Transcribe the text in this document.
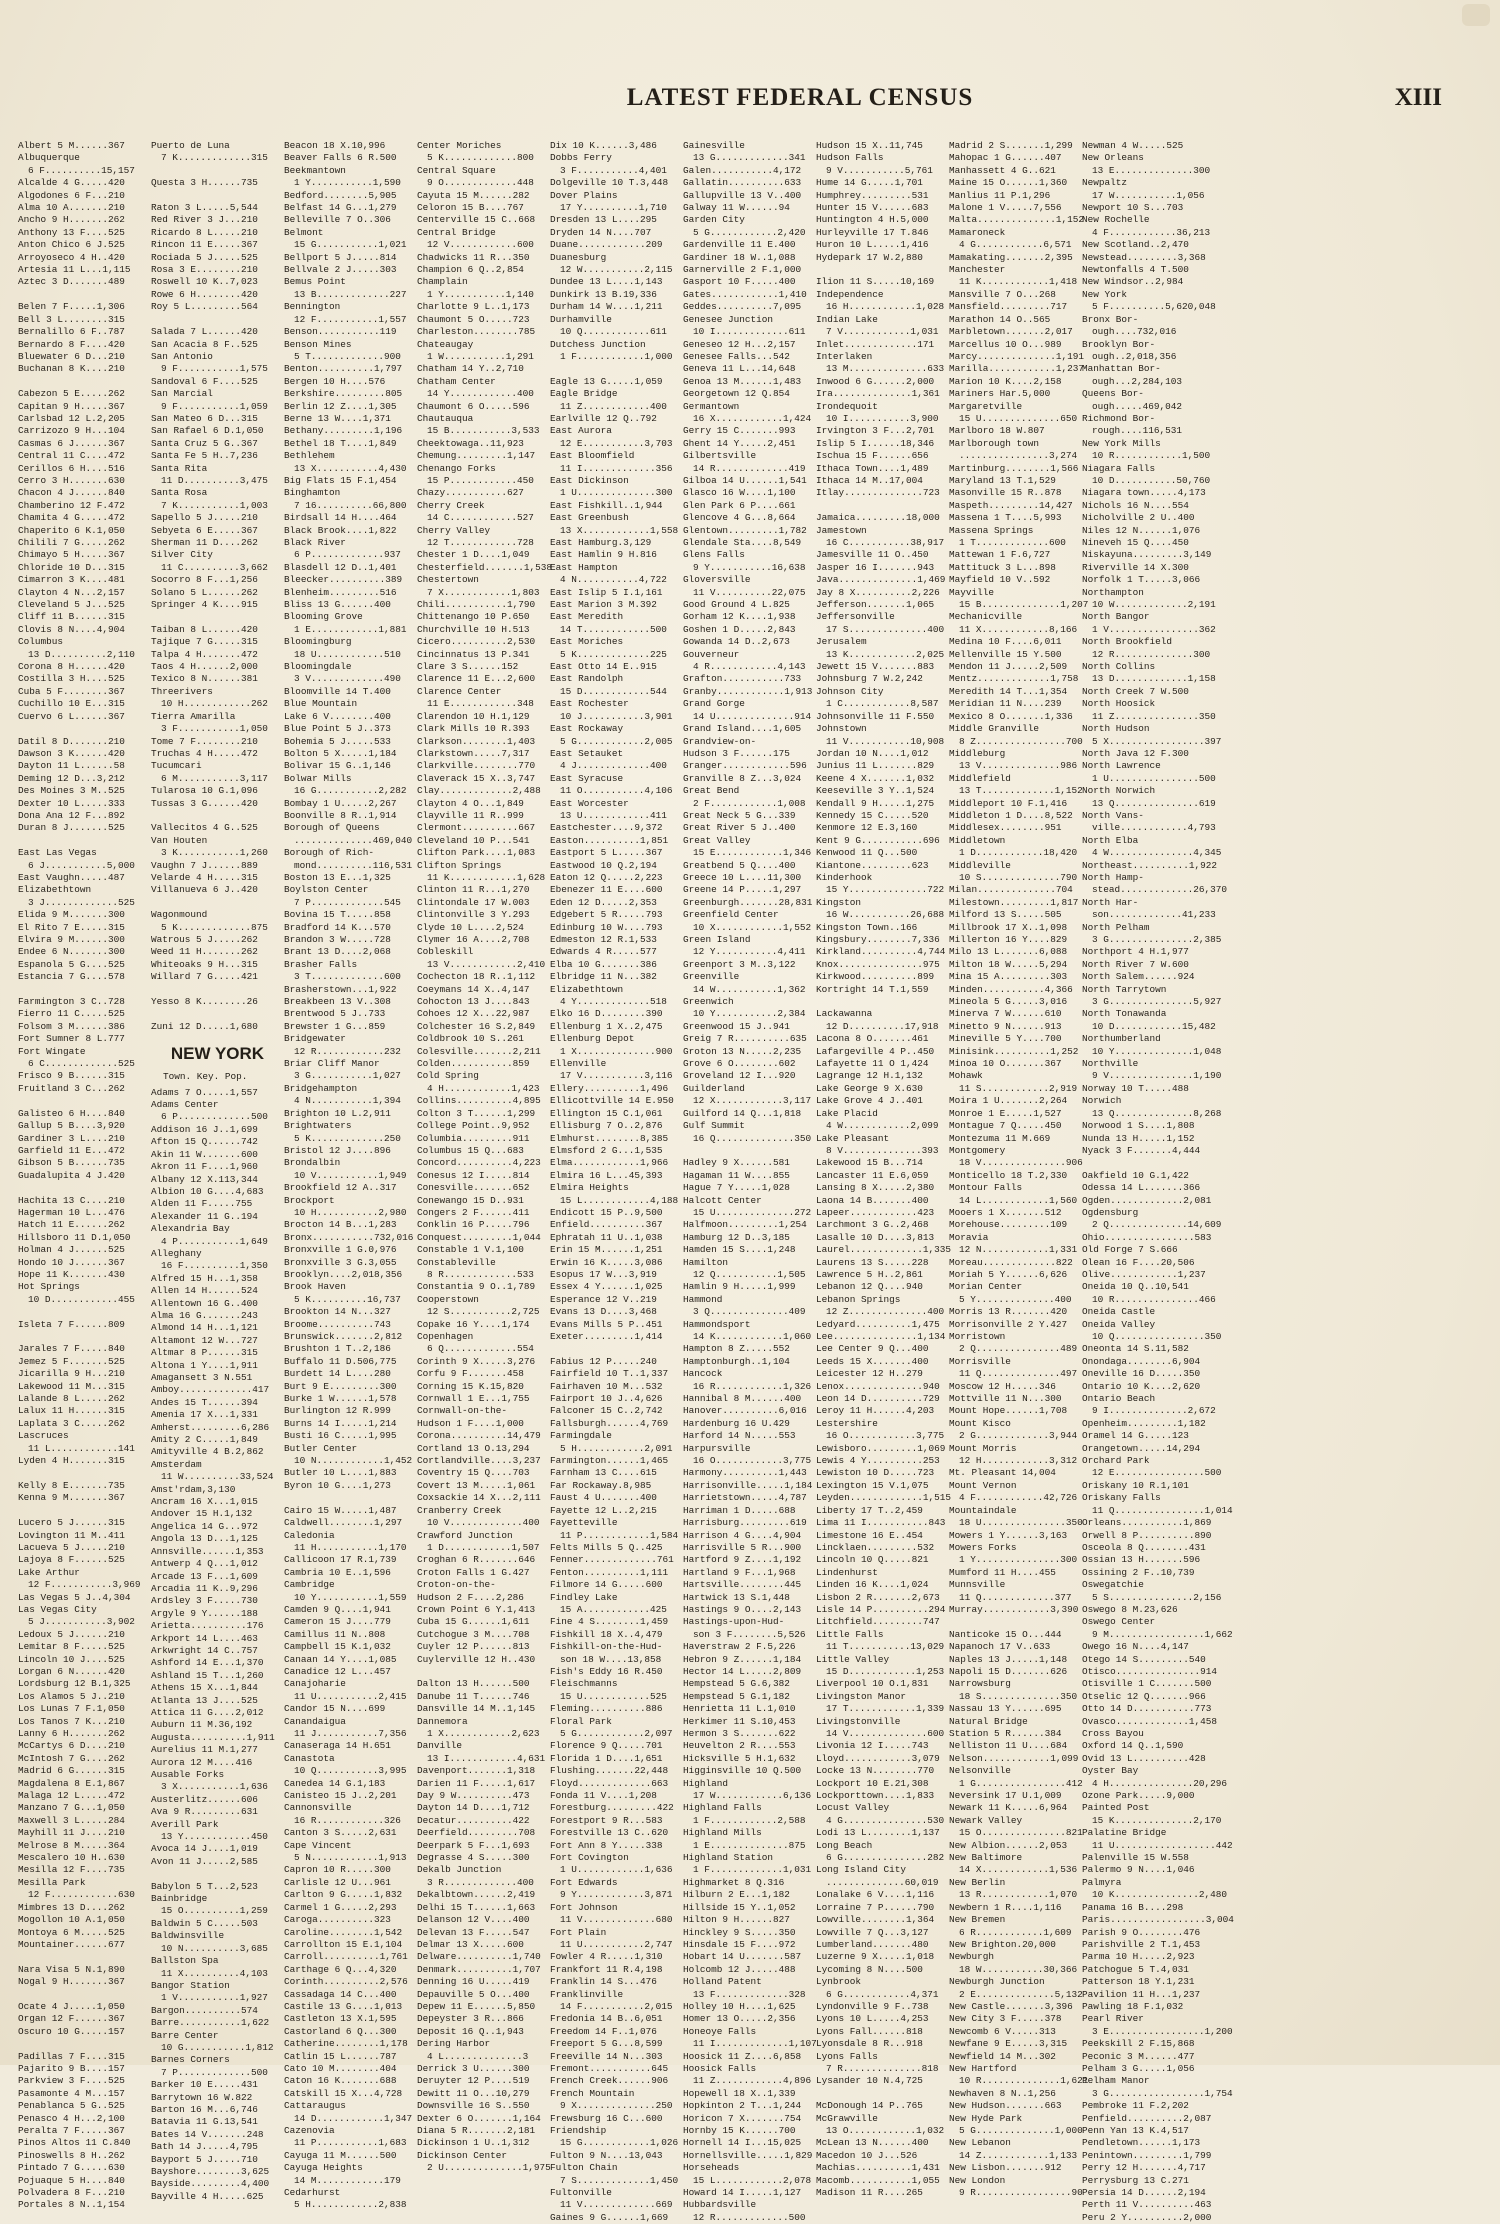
LATEST FEDERAL CENSUS	XIII
Albert 5 M......367
Albuquerque
6 F..........15,157
Alcalde 4 G.....420
Algodones 6 F...210
Alma 10 A.......210
Ancho 9 H.......262
Anthony 13 F....525
Anton Chico 6 J.525
Arroyoseco 4 H..420
Artesia 11 L...1,115
Aztec 3 D.......489

Belen 7 F.....1,306
Bell 3 L........315
Bernalillo 6 F..787
Bernardo 8 F....420
Bluewater 6 D...210
Buchanan 8 K....210

Cabezon 5 E.....262
Capitan 9 H.....367
Carlsbad 12 L.2,205
Carrizozo 9 H...104
Casmas 6 J......367
Central 11 C....472
Cerillos 6 H....516
Cerro 3 H.......630
Chacon 4 J......840
Chamberino 12 F.472
Chamita 4 G.....472
Chaperito 6 K.1,050
Chilili 7 G.....262
Chimayo 5 H.....367
Chloride 10 D...315
Cimarron 3 K....481
Clayton 4 N...2,157
Cleveland 5 J...525
Cliff 11 B......315
Clovis 8 N....4,904
Columbus
13 D..........2,110
Corona 8 H......420
Costilla 3 H....525
Cuba 5 F........367
Cuchillo 10 E...315
Cuervo 6 L......367

Datil 8 D.......210
Dawson 3 K......420
Dayton 11 L......58
Deming 12 D...3,212
Des Moines 3 M..525
Dexter 10 L.....333
Dona Ana 12 F...892
Duran 8 J.......525

East Las Vegas
6 J...........5,000
East Vaughn.....487
Elizabethtown
3 J.............525
Elida 9 M.......300
El Rito 7 E.....315
Elvira 9 M......300
Endee 6 N.......300
Espanola 5 G....525
Estancia 7 G....578

Farmington 3 C..728
Fierro 11 C.....525
Folsom 3 M......386
Fort Sumner 8 L.777
Fort Wingate
6 C.............525
Frisco 9 B......315
Fruitland 3 C...262

Galisteo 6 H....840
Gallup 5 B....3,920
Gardiner 3 L....210
Garfield 11 E...472
Gibson 5 B......735
Guadalupita 4 J.420

Hachita 13 C....210
Hagerman 10 L...476
Hatch 11 E......262
Hillsboro 11 D.1,050
Holman 4 J......525
Hondo 10 J......367
Hope 11 K.......430
Hot Springs
10 D............455

Isleta 7 F......809

Jarales 7 F.....840
Jemez 5 F.......525
Jicarilla 9 H...210
Lakewood 11 M...315
Lalande 8 L.....262
Lalux 11 H......315
Laplata 3 C.....262
Lascruces
11 L............141
Lyden 4 H.......315

Kelly 8 E.......735
Kenna 9 M.......367

Lucero 5 J......315
Lovington 11 M..411
Lacueva 5 J.....210
Lajoya 8 F......525
Lake Arthur
12 F...........3,969
Las Vegas 5 J..4,304
Las Vegas City
5 J...........3,902
Ledoux 5 J......210
Lemitar 8 F.....525
Lincoln 10 J....525
Lorgan 6 N......420
Lordsburg 12 B.1,325
Los Alamos 5 J..210
Los Lunas 7 F.1,050
Los Tanos 7 K...210
Lanny 6 H.......262
McCartys 6 D....210
McIntosh 7 G....262
Madrid 6 G......315
Magdalena 8 E.1,867
Malaga 12 L.....472
Manzano 7 G...1,050
Maxwell 3 L.....284
Mayhill 11 J....210
Melrose 8 M.....364
Mescalero 10 H..630
Mesilla 12 F....735
Mesilla Park
12 F............630
Mimbres 13 D....262
Mogollon 10 A.1,050
Montoya 6 M.....525
Mountainer......677

Nara Visa 5 N.1,890
Nogal 9 H.......367

Ocate 4 J.....1,050
Organ 12 F......367
Oscuro 10 G.....157

Padillas 7 F....315
Pajarito 9 B....157
Parkview 3 F....525
Pasamonte 4 M...157
Penablanca 5 G..525
Penasco 4 H...2,100
Peralta 7 F.....367
Pinos Altos 11 C.840
Pinoswells 8 H..262
Pintado 7 G.....630
Pojuaque 5 H....840
Polvadera 8 F...210
Portales 8 N..1,154
Puerto de Luna
7 K.............315

Questa 3 H......735

Raton 3 L.....5,544
Red River 3 J...210
Ricardo 8 L.....210
Rincon 11 E.....367
Rociada 5 J.....525
Rosa 3 E........210
Roswell 10 K..7,023
Rowe 6 H........420
Roy 5 L.........564

Salada 7 L......420
San Acacia 8 F..525
San Antonio
9 F...........1,575
Sandoval 6 F....525
San Marcial
9 F...........1,059
San Mateo 6 D...315
San Rafael 6 D.1,050
Santa Cruz 5 G..367
Santa Fe 5 H..7,236
Santa Rita
11 D..........3,475
Santa Rosa
7 K...........1,003
Sapello 5 J.....210
Sebyeta 6 E.....367
Sherman 11 D....262
Silver City
11 C..........3,662
Socorro 8 F...1,256
Solano 5 L......262
Springer 4 K....915

Taiban 8 L......420
Tajique 7 G.....315
Talpa 4 H.......472
Taos 4 H......2,000
Texico 8 N......381
Threerivers
10 H............262
Tierra Amarilla
3 F...........1,050
Tome 7 F........210
Truchas 4 H.....472
Tucumcari
6 M...........3,117
Tularosa 10 G.1,096
Tussas 3 G......420

Vallecitos 4 G..525
Van Houten
3 K...........1,260
Vaughn 7 J......889
Velarde 4 H.....315
Villanueva 6 J..420

Wagonmound
5 K.............875
Watrous 5 J.....262
Weed 11 H.......262
Whiteoaks 9 H...315
Willard 7 G.....421

Yesso 8 K........26

Zuni 12 D.....1,680
NEW YORK
Town. Key. Pop.
Adams 7 O.....1,557
Adams Center
6 P.............500
Addison 16 J..1,699
Afton 15 Q......742
Akin 11 W.......600
Akron 11 F....1,960
Albany 12 X.113,344
Albion 10 G....4,683
Alden 11 F.....755
Alexander 11 G..194
Alexandria Bay
4 P...........1,649
Alleghany
16 F..........1,350
Alfred 15 H...1,358
Allen 14 H......524
Allentown 16 G..400
Alma 16 G.......243
Almond 14 H...1,121
Altamont 12 W...727
Altmar 8 P......315
Altona 1 Y....1,911
Amagansett 3 N.551
Amboy.............417
Andes 15 T......394
Amenia 17 X...1,331
Amherst.........6,286
Amity 2 C.....1,849
Amityville 4 B.2,862
Amsterdam
11 W..........33,524
Amst'rdam,3,130
Ancram 16 X...1,015
Andover 15 H.1,132
Angelica 14 G...972
Angola 13 D...1,125
Annsville......1,353
Antwerp 4 Q...1,012
Arcade 13 F...1,609
Arcadia 11 K..9,296
Ardsley 3 F.....730
Argyle 9 Y......188
Arietta..........176
Arkport 14 L....463
Arkwright 14 C..757
Ashford 14 E...1,370
Ashland 15 T...1,260
Athens 15 X...1,844
Atlanta 13 J....525
Attica 11 G....2,012
Auburn 11 M.36,192
Augusta..........1,911
Aurelius 11 M.1,277
Aurora 12 M....416
Ausable Forks
3 X...........1,636
Austerlitz......606
Ava 9 R.........631
Averill Park
13 Y............450
Avoca 14 J....1,019
Avon 11 J.....2,585

Babylon 5 T...2,523
Bainbridge
15 O..........1,259
Baldwin 5 C.....503
Baldwinsville
10 N..........3,685
Ballston Spa
11 X..........4,103
Bangor Station
1 V...........1,927
Bargon..........574
Barre...........1,622
Barre Center
10 G...........1,812
Barnes Corners
7 P.............500
Barker 10 E.....431
Barrytown 16 W.822
Barton 16 M...6,746
Batavia 11 G.13,541
Bates 14 V.......248
Bath 14 J.....4,795
Bayport 5 J.....710
Bayshore........3,625
Bayside.........4,400
Bayville 4 H.....625
Beacon 18 X.10,996
Beaver Falls 6 R.500
Beekmantown
1 Y...........1,590
Bedford........5,905
Belfast 14 G...1,279
Belleville 7 O..306
Belmont
15 G...........1,021
Bellport 5 J.....814
Bellvale 2 J.....303
Bemus Point
13 B.............227
Bennington
12 F...........1,557
Benson...........119
Benson Mines
5 T.............900
Benton..........1,797
Bergen 10 H....576
Berkshire.........805
Berlin 12 Z....1,305
Berne 13 W....1,371
Bethany.........1,196
Bethel 18 T....1,849
Bethlehem
13 X...........4,430
Big Flats 15 F.1,454
Binghamton
7 16..........66,800
Birdsall 14 H....464
Black Brook....1,822
Black River
6 P.............937
Blasdell 12 D..1,401
Bleecker..........389
Blenheim.........516
Bliss 13 G......400
Blooming Grove
1 E............1,881
Bloomingburg
18 U............510
Bloomingdale
3 V.............490
Bloomville 14 T.400
Blue Mountain
Lake 6 V........400
Blue Point 5 J..373
Bohemia 5 J.....533
Bolton 5 X.....1,184
Bolivar 15 G..1,146
Bolwar Mills
16 G...........2,282
Bombay 1 U.....2,267
Boonville 8 R..1,914
Borough of Queens
..............469,040
Borough of Rich-
mond..........116,531
Boston 13 E...1,325
Boylston Center
7 P.............545
Bovina 15 T.....858
Bradford 14 K...570
Brandon 3 W.....728
Brant 13 D....2,068
Brasher Falls
3 T.............600
Brasherstown...1,922
Breakbeen 13 V..308
Brentwood 5 J..733
Brewster 1 G...859
Bridgewater
12 R............232
Briar Cliff Manor
3 G...........1,027
Bridgehampton
4 N...........1,394
Brighton 10 L.2,911
Brightwaters
5 K.............250
Bristol 12 J....896
Brondalbin
10 V...........1,949
Brookfield 12 A..317
Brockport
10 H...........2,980
Brocton 14 B...1,283
Bronx...........732,016
Bronxville 1 G.0,976
Bronxville 3 G.3,055
Brooklyn....2,018,356
Brook Haven
5 K..........16,737
Brookton 14 N...327
Broome..........743
Brunswick.......2,812
Brushton 1 T..2,186
Buffalo 11 D.506,775
Burdett 14 L....280
Burt 9 E.........300
Burke 1 W......1,578
Burlington 12 R.999
Burns 14 I.....1,214
Busti 16 C.....1,995
Butler Center
10 N............1,452
Butler 10 L....1,883
Byron 10 G....1,273

Cairo 15 W.....1,487
Caldwell........1,297
Caledonia
11 H...........1,170
Callicoon 17 R.1,739
Cambria 10 E..1,596
Cambridge
10 Y...........1,559
Camden 9 Q....1,941
Cameron 15 J....779
Camillus 11 N..808
Campbell 15 K.1,032
Canaan 14 Y....1,085
Canadice 12 L...457
Canajoharie
11 U...........2,415
Candor 15 N....699
Canandaigua
11 J...........7,356
Canaseraga 14 H.651
Canastota
10 Q...........3,995
Canedea 14 G.1,183
Canisteo 15 J..2,201
Cannonsville
16 R............326
Canton 3 S.....2,631
Cape Vincent
5 N............1,913
Capron 10 R.....300
Carlisle 12 U...961
Carlton 9 G.....1,832
Carmel 1 G.....2,293
Caroga..........323
Caroline........1,542
Carrollton 15 E.1,104
Carroll..........1,761
Carthage 6 Q...4,320
Corinth..........2,576
Cassadaga 14 C...400
Castile 13 G....1,013
Castleton 13 X.1,595
Castorland 6 Q...300
Catherine........1,178
Catlin 15 L......787
Cato 10 M........404
Caton 16 K.......688
Catskill 15 X...4,728
Cattaraugus
14 D............1,347
Cazenovia
11 P...........1,683
Cayuga 11 M......500
Cayuga Heights
14 M............179
Cedarhurst
5 H............2,838
Center Moriches
5 K.............800
Central Square
9 O.............448
Cayuta 15 M......282
Celoron 15 B....767
Centerville 15 C..668
Central Bridge
12 V............600
Chadwicks 11 R...350
Champion 6 Q..2,854
Champlain
1 Y...........1,140
Charlotte 9 L..1,173
Chaumont 5 O.....723
Charleston........785
Chateaugay
1 W...........1,291
Chatham 14 Y..2,710
Chatham Center
14 Y............400
Chaumont 6 O.....596
Chautauqua
15 B...........3,533
Cheektowaga..11,923
Chemung.........1,147
Chenango Forks
15 P............450
Chazy...........627
Cherry Creek
14 C............527
Cherry Valley
12 T............728
Chester 1 D....1,049
Chesterfield.......1,538
Chestertown
7 X............1,803
Chili...........1,790
Chittenango 10 P.650
Churchville 10 H.513
Cicero..........2,530
Cincinnatus 13 P.341
Clare 3 S......152
Clarence 11 E...2,600
Clarence Center
11 E............348
Clarendon 10 H.1,129
Clark Mills 10 R.393
Clarkson........1,403
Clarkstown.....7,317
Clarkville........770
Claverack 15 X..3,747
Clay.............2,488
Clayton 4 O...1,849
Clayville 11 R..999
Clermont..........667
Cleveland 10 P...541
Clifton Park....1,083
Clifton Springs
11 K............1,628
Clinton 11 R...1,270
Clintondale 17 W.003
Clintonville 3 Y.293
Clyde 10 L....2,524
Clymer 16 A....2,708
Cobleskill
13 V............2,410
Cochecton 18 R..1,112
Coeymans 14 X..4,147
Cohocton 13 J....843
Cohoes 12 X...22,987
Colchester 16 S.2,849
Coldbrook 10 S..261
Colesville.......2,211
Colden...........859
Cold Spring
4 H............1,423
Collins..........4,895
Colton 3 T......1,299
College Point..9,952
Columbia.........911
Columbus 15 Q...683
Concord..........4,223
Conesus 12 I.....814
Conesville.......652
Conewango 15 D..931
Congers 2 F......411
Conklin 16 P.....796
Conquest.........1,044
Constable 1 V.1,100
Constableville
8 R.............533
Constantia 9 O..1,789
Cooperstown
12 S...........2,725
Copake 16 Y....1,174
Copenhagen
6 Q.............554
Corinth 9 X.....3,276
Corfu 9 F.......458
Corning 15 K.15,820
Cornwall 1 E...1,755
Cornwall-on-the-
Hudson 1 F....1,000
Corona..........14,479
Cortland 13 O.13,294
Cortlandville....3,237
Coventry 15 Q....703
Covert 13 M.....1,061
Coxsackie 14 X...2,111
Cranberry Creek
10 V.............400
Crawford Junction
1 D............1,507
Croghan 6 R.......646
Croton Falls 1 G.427
Croton-on-the-
Hudson 2 F....2,286
Crown Point 6 Y.1,413
Cuba 15 G......1,611
Cutchogue 3 M....708
Cuyler 12 P......813
Cuylerville 12 H..430

Dalton 13 H......500
Danube 11 T......746
Dansville 14 M..1,145
Dannemora
1 X............2,623
Danville
13 I............4,631
Davenport.......1,318
Darien 11 F.....1,617
Day 9 W..........473
Dayton 14 D....1,712
Decatur..........422
Deerfield.........708
Deerpark 5 F...1,693
Degrasse 4 S.....300
Dekalb Junction
3 R.............400
Dekalbtown......2,419
Delhi 15 T......1,663
Delanson 12 V....400
Delevan 13 F.....547
Delmar 13 X.....600
Delware..........1,740
Denmark..........1,707
Denning 16 U.....419
Depauville 5 O...400
Depew 11 E......5,850
Depeyster 3 R...866
Deposit 16 Q..1,943
Dering Harbor
4 L..............3
Derrick 3 U......300
Deruyter 12 P....519
Dewitt 11 O...10,279
Downsville 16 S..550
Dexter 6 O.......1,164
Diana 5 R.......2,181
Dickinson 1 U..1,312
Dickinson Center
2 U..............1,975
Dix 10 K......3,486
Dobbs Ferry
3 F...........4,401
Dolgeville 10 T.3,448
Dover Plains
17 Y..........1,710
Dresden 13 L....295
Dryden 14 N....707
Duane............209
Duanesburg
12 W...........2,115
Dundee 13 L....1,143
Dunkirk 13 B.19,336
Durham 14 W....1,211
Durhamville
10 Q............611
Dutchess Junction
1 F............1,000

Eagle 13 G.....1,059
Eagle Bridge
11 Z............400
Earlville 12 Q..792
East Aurora
12 E...........3,703
East Bloomfield
11 I.............356
East Dickinson
1 U..............300
East Fishkill..1,944
East Greenbush
13 X............1,558
East Hamburg.3,129
East Hamlin 9 H.816
East Hampton
4 N...........4,722
East Islip 5 I.1,161
East Marion 3 M.392
East Meredith
14 T............500
East Moriches
5 K.............225
East Otto 14 E..915
East Randolph
15 D............544
East Rochester
10 J...........3,901
East Rockaway
5 G............2,005
East Setauket
4 J.............400
East Syracuse
11 O...........4,106
East Worcester
13 U............411
Eastchester....9,372
Easton..........1,851
Eastport 5 L.....367
Eastwood 10 Q.2,194
Eaton 12 Q.....2,223
Ebenezer 11 E....600
Eden 12 D.....2,353
Edgebert 5 R.....793
Edinburg 10 W....793
Edmeston 12 R.1,533
Edwards 4 R.....577
Elba 10 G.......386
Elbridge 11 N...382
Elizabethtown
4 Y.............518
Elko 16 D........390
Ellenburg 1 X..2,475
Ellenburg Depot
1 X..............900
Ellenville
17 V...........3,116
Ellery..........1,496
Ellicottville 14 E.950
Ellington 15 C.1,061
Ellisburg 7 O..2,876
Elmhurst........8,385
Elmsford 2 G...1,535
Elma............1,966
Elmira 16 L...45,393
Elmira Heights
15 L............4,188
Endicott 15 P..9,500
Enfield..........367
Ephratah 11 U..1,038
Erin 15 M......1,251
Erwin 16 K.....3,086
Esopus 17 W...3,919
Essex 4 Y......1,025
Esperance 12 V..219
Evans 13 D....3,468
Evans Mills 5 P..451
Exeter.........1,414

Fabius 12 P.....240
Fairfield 10 T..1,337
Fairhaven 10 M...532
Fairport 10 J..4,626
Falconer 15 C..2,742
Fallsburgh......4,769
Farmingdale
5 H............2,091
Farmington......1,465
Farnham 13 C....615
Far Rockaway.8,985
Faust 4 U.......400
Fayette 12 L..2,215
Fayetteville
11 P............1,584
Felts Mills 5 Q..425
Fenner.............761
Fenton..........1,111
Filmore 14 G.....600
Findley Lake
15 A............425
Fine 4 S........1,459
Fishkill 18 X..4,479
Fishkill-on-the-Hud-
son 18 W....13,858
Fish's Eddy 16 R.450
Fleischmanns
15 U............525
Fleming..........886
Floral Park
5 G............2,097
Florence 9 Q.....701
Florida 1 D....1,651
Flushing.......22,448
Floyd.............663
Fonda 11 V....1,208
Forestburg.........422
Forestport 9 R...583
Forestville 13 C..620
Fort Ann 8 Y.....338
Fort Covington
1 U............1,636
Fort Edwards
9 Y............3,871
Fort Johnson
11 V.............680
Fort Plain
11 U...........2,747
Fowler 4 R.....1,310
Frankfort 11 R.4,198
Franklin 14 S...476
Franklinville
14 F...........2,015
Fredonia 14 B..6,051
Freedom 14 F..1,076
Freeport 5 G...8,599
Freeville 14 N...303
Fremont...........645
French Creek......906
French Mountain
9 X..............250
Frewsburg 16 C...600
Friendship
15 G............1,026
Fulton 9 N....13,043
Fulton Chain
7 S.............1,450
Fultonville
11 V.............669
Gaines 9 G......1,669
Gainesville
13 G.............341
Galen...........4,172
Gallatin..........633
Gallupville 13 V..400
Galway 11 W......94
Garden City
5 G............2,420
Gardenville 11 E.400
Gardiner 18 W..1,088
Garnerville 2 F.1,000
Gasport 10 F.....400
Gates............1,410
Geddes..........7,095
Genesee Junction
10 I.............611
Geneseo 12 H...2,157
Genesee Falls...542
Geneva 11 L...14,648
Genoa 13 M......1,483
Georgetown 12 Q.854
Germantown
16 X............1,424
Gerry 15 C.......993
Ghent 14 Y.....2,451
Gilbertsville
14 R.............419
Gilboa 14 U......1,541
Glasco 16 W....1,100
Glen Park 6 P....661
Glencove 4 G...8,664
Glentown.........1,782
Glendale Sta....8,549
Glens Falls
9 Y...........16,638
Gloversville
11 V..........22,075
Good Ground 4 L.825
Gorham 12 K....1,938
Goshen 1 D.....2,843
Gowanda 14 D..2,673
Gouverneur
4 R............4,143
Grafton...........733
Granby............1,913
Grand Gorge
14 U..............914
Grand Island....1,605
Grandview-on-
Hudson 3 F......175
Granger............596
Granville 8 Z...3,024
Great Bend
2 F............1,008
Great Neck 5 G...339
Great River 5 J..400
Great Valley
15 E............1,346
Greatbend 5 Q....400
Greece 10 L....11,300
Greene 14 P.....1,297
Greenburgh.......28,831
Greenfield Center
10 X............1,552
Green Island
12 Y...........4,411
Greenport 3 M..3,122
Greenville
14 W...........1,362
Greenwich
10 Y...........2,384
Greenwood 15 J..941
Greig 7 R..........635
Groton 13 N.....2,235
Grove 6 O........602
Groveland 12 I...920
Guilderland
12 X............3,117
Guilford 14 Q...1,818
Gulf Summit
16 Q..............350

Hadley 9 X......581
Hagaman 11 W....855
Hague 7 Y.....1,028
Halcott Center
15 U..............272
Halfmoon.........1,254
Hamburg 12 D..3,185
Hamden 15 S....1,248
Hamilton
12 Q...........1,505
Hamlin 9 H.....1,999
Hammond
3 Q..............409
Hammondsport
14 K............1,060
Hampton 8 Z.....552
Hamptonburgh..1,104
Hancock
16 R............1,326
Hannibal 8 M......400
Hanover..........6,016
Hardenburg 16 U.429
Harford 14 N.....553
Harpursville
16 O............3,775
Harmony..........1,443
Harrisonville.....1,184
Harrietstown.....4,787
Harriman 1 D.....688
Harrisburg.........619
Harrison 4 G....4,904
Harrisville 5 R...900
Hartford 9 Z....1,192
Hartland 9 F...1,968
Hartsville........445
Hartwick 13 S.1,448
Hastings 9 O....2,143
Hastings-upon-Hud-
son 3 F........5,526
Haverstraw 2 F.5,226
Hebron 9 Z......1,184
Hector 14 L.....2,809
Hempstead 5 G.6,382
Hempstead 5 G.1,182
Henrietta 11 L.1,010
Herkimer 11 S.10,453
Hermon 3 S.......622
Heuvelton 2 R....553
Hicksville 5 H.1,632
Higginsville 10 Q.500
Highland
17 W............6,136
Highland Falls
1 F............2,588
Highland Mills
1 E..............875
Highland Station
1 F.............1,031
Highmarket 8 Q.316
Hilburn 2 E...1,182
Hillside 15 Y..1,052
Hilton 9 H......827
Hinckley 9 S.....350
Hinsdale 15 F....972
Hobart 14 U.......587
Holcomb 12 J.....488
Holland Patent
13 F.............328
Holley 10 H....1,625
Homer 13 O.....2,356
Honeoye Falls
11 I.............1,107
Hoosick 11 Z....6,858
Hoosick Falls
11 Z............4,896
Hopewell 18 X..1,339
Hopkinton 2 T...1,244
Horicon 7 X.......754
Hornby 15 K......700
Hornell 14 I...15,025
Hornellsville.....1,829
Horseheads
15 L............2,078
Howard 14 I.....1,127
Hubbardsville
12 R.............500
Hudson 15 X..11,745
Hudson Falls
9 V...........5,761
Hume 14 G.....1,701
Humphrey.........531
Hunter 15 V......683
Huntington 4 H.5,000
Hurleyville 17 T.846
Huron 10 L.....1,416
Hydepark 17 W.2,880

Ilion 11 S.....10,169
Independence
16 H............1,028
Indian Lake
7 V............1,031
Inlet.............171
Interlaken
13 M..............633
Inwood 6 G......2,000
Ira..............1,361
Irondequoit
10 I...........3,900
Irvington 3 F...2,701
Islip 5 I......18,346
Ischua 15 F......656
Ithaca Town....1,489
Ithaca 14 M..17,004
Itlay..............723

Jamaica.........18,000
Jamestown
16 C...........38,917
Jamesville 11 O..450
Jasper 16 I.......943
Java..............1,469
Jay 8 X..........2,226
Jefferson.......1,065
Jeffersonville
17 S..............400
Jerusalem
13 K............2,025
Jewett 15 V.......883
Johnsburg 7 W.2,242
Johnson City
1 C............8,587
Johnsonville 11 F.550
Johnstown
11 V...........10,908
Jordan 10 N....1,012
Junius 11 L.......829
Keene 4 X.......1,032
Keeseville 3 Y..1,524
Kendall 9 H.....1,275
Kennedy 15 C.....520
Kenmore 12 E.3,160
Kent 9 G...........696
Kenwood 11 Q...500
Kiantone.........623
Kinderhook
15 Y..............722
Kingston
16 W...........26,688
Kingston Town..166
Kingsbury........7,336
Kirkland..........4,744
Knox...............975
Kirkwood..........899
Kortright 14 T.1,559

Lackawanna
12 D..........17,918
Lacona 8 O.......461
Lafargeville 4 P..450
Lafayette 11 O 1,424
Lagrange 12 H.1,132
Lake George 9 X.630
Lake Grove 4 J..401
Lake Placid
4 W............2,099
Lake Pleasant
8 V..............393
Lakewood 15 B...714
Lancaster 11 E.6,059
Lansing 8 X.....2,380
Laona 14 B.......400
Lapeer............423
Larchmont 3 G..2,468
Lasalle 10 D....3,813
Laurel.............1,335
Laurens 13 S.....228
Lawrence 5 H..2,861
Lebanon 12 Q....940
Lebanon Springs
12 Z..............400
Ledyard..........1,475
Lee...............1,134
Lee Center 9 Q...400
Leeds 15 X.......400
Leicester 12 H..279
Lenox..............940
Leon 14 D..........729
Leroy 11 H......4,203
Lestershire
16 O............3,775
Lewisboro.........1,069
Lewis 4 Y..........253
Lewiston 10 D.....723
Lexington 15 V.1,075
Leyden.............1,515
Liberty 17 T..2,459
Lima 11 I...........843
Limestone 16 E..454
Lincklaen.........532
Lincoln 10 Q.....821
Lindenhurst
Linden 16 K....1,024
Lisbon 2 R.......2,673
Lisle 14 P..........294
Litchfield.........747
Little Falls
11 T...........13,029
Little Valley
15 D............1,253
Liverpool 10 O.1,831
Livingston Manor
17 T............1,339
Livingstonville
14 V..............600
Livonia 12 I.....743
Lloyd............3,079
Locke 13 N........770
Lockport 10 E.21,308
Lockporttown....1,833
Locust Valley
4 G...............530
Lodi 13 L........1,137
Long Beach
6 G...............282
Long Island City
..............60,019
Lonalake 6 V....1,116
Lorraine 7 P......790
Lowville........1,364
Lowville 7 Q...3,127
Lumberland.......480
Luzerne 9 X.....1,018
Lycoming 8 N....500
Lynbrook
6 G............4,371
Lyndonville 9 F..738
Lyons 10 L.....4,253
Lyons Fall......818
Lyonsdale 8 R...918
Lyons Falls
7 R..............818
Lysander 10 N.4,725

McDonough 14 P..765
McGrawville
13 O............1,032
McLean 13 N......400
Macedon 10 J...526
Machias..........1,431
Macomb...........1,055
Madison 11 R....265
Madrid 2 S.......1,299
Mahopac 1 G......407
Manhassett 4 G..621
Maine 15 O......1,360
Manlius 11 P.1,296
Malone 1 V.....7,556
Malta..............1,152
Mamaroneck
4 G............6,571
Mamakating.......2,395
Manchester
11 K............1,418
Mansville 7 O...268
Mansfield.........717
Marathon 14 O..565
Marbletown.......2,017
Marcellus 10 O...989
Marcy..............1,191
Marilla............1,237
Marion 10 K....2,158
Mariners Har.5,000
Margaretville
15 U..............650
Marlboro 18 W.807
Marlborough town
................3,274
Martinburg........1,566
Maryland 13 T.1,529
Masonville 15 R..878
Maspeth.........14,427
Massena 1 T....5,993
Massena Springs
1 T.............600
Mattewan 1 F.6,727
Mattituck 3 L...898
Mayfield 10 V..592
Mayville
15 B..............1,207
Mechanicville
11 X............8,166
Medina 10 F....6,011
Mellenville 15 Y.500
Mendon 11 J.....2,509
Mentz.............1,758
Meredith 14 T...1,354
Meridian 11 N....239
Mexico 8 O.......1,336
Middle Granville
8 Z................700
Middleburg
13 V..............986
Middlefield
13 T.............1,152
Middleport 10 F.1,416
Middleton 1 D....8,522
Middlesex........951
Middletown
1 D............18,420
Middleville
10 S..............790
Milan..............704
Milestown.........1,817
Milford 13 S.....505
Millbrook 17 X..1,098
Millerton 16 Y....829
Milo 13 L.......6,088
Milton 18 W.....5,294
Mina 15 A.........303
Minden...........4,366
Mineola 5 G.....3,016
Minerva 7 W......610
Minetto 9 N......913
Mineville 5 Y....700
Minisink..........1,252
Minoa 10 O.......367
Mohawk
11 S............2,919
Moira 1 U.......2,264
Monroe 1 E.....1,527
Montague 7 Q.....450
Montezuma 11 M.669
Montgomery
18 V...............906
Monticello 18 T.2,330
Montour Falls
14 L............1,560
Mooers 1 X.......512
Morehouse.........109
Moravia
12 N............1,331
Moreau.............822
Moriah 5 Y......6,626
Morian Center
5 Y..............400
Morris 13 R.......420
Morrisonville 2 Y.427
Morristown
2 Q...............489
Morrisville
11 Q..............497
Moscow 12 H.....346
Mottville 11 N...300
Mount Hope......1,708
Mount Kisco
2 G.............3,944
Mount Morris
12 H............3,312
Mt. Pleasant 14,004
Mount Vernon
4 F............42,726
Mountaindale
18 U...............350
Mowers 1 Y......3,163
Mowers Forks
1 Y...............300
Mumford 11 H....455
Munnsville
11 Q.............377
Murray............3,390

Nanticoke 15 O...444
Napanoch 17 V..633
Naples 13 J.....1,148
Napoli 15 D.......626
Narrowsburg
18 S..............350
Nassau 13 Y......695
Natural Bridge
Station 5 R......384
Nelliston 11 U....684
Nelson............1,099
Nelsonville
1 G................412
Neversink 17 U.1,009
Newark 11 K.....6,964
Newark Valley
15 O...............821
New Albion......2,053
New Baltimore
14 X............1,536
New Berlin
13 R............1,070
Newbern 1 R....1,116
New Bremen
6 R............1,609
New Brighton.20,000
Newburgh
18 W...........30,366
Newburgh Junction
2 E..............5,132
New Castle.......3,396
New City 3 F.....378
Newcomb 6 V.....313
Newfane 9 E.....3,315
Newfield 14 M...302
New Hartford
10 R..............1,621
Newhaven 8 N..1,256
New Hudson.......663
New Hyde Park
5 G..............1,000
New Lebanon
14 Z............1,133
New Lisbon.......912
New London
9 R.................90
Newman 4 W.....525
New Orleans
13 E..............300
Newpaltz
17 W...........1,056
Newport 10 S...703
New Rochelle
4 F............36,213
New Scotland..2,470
Newstead.........3,368
Newtonfalls 4 T.500
New Windsor..2,984
New York
5 F..........5,620,048
Bronx Bor-
ough....732,016
Brooklyn Bor-
ough..2,018,356
Manhattan Bor-
ough...2,284,103
Queens Bor-
ough.....469,042
Richmond Bor-
rough....116,531
New York Mills
10 R............1,500
Niagara Falls
10 D...........50,760
Niagara town.....4,173
Nichols 16 N....554
Nicholville 2 U..400
Niles 12 N......1,076
Nineveh 15 Q....450
Niskayuna.........3,149
Riverville 14 X.300
Norfolk 1 T.....3,066
Northampton
10 W.............2,191
North Bangor
1 V................362
North Brookfield
12 R..............300
North Collins
13 D.............1,158
North Creek 7 W.500
North Hoosick
11 Z...............350
North Hudson
5 X.................397
North Java 12 F.300
North Lawrence
1 U................500
North Norwich
13 Q...............619
North Vans-
ville............4,793
North Elba
4 W...............4,345
Northeast..........1,922
North Hamp-
stead.............26,370
North Har-
son.............41,233
North Pelham
3 G...............2,385
Northport 4 H.1,977
North River 7 W.600
North Salem......924
North Tarrytown
3 G...............5,927
North Tonawanda
10 D............15,482
Northumberland
10 Y..............1,048
Northville
9 V...............1,190
Norway 10 T.....488
Norwich
13 Q..............8,268
Norwood 1 S....1,808
Nunda 13 H.....1,152
Nyack 3 F.......4,444

Oakfield 10 G.1,422
Odessa 14 L.......366
Ogden.............2,081
Ogdensburg
2 Q..............14,609
Ohio................583
Old Forge 7 S.666
Olean 16 F....20,506
Olive............1,237
Oneida 10 Q..10,541
10 R...............466
Oneida Castle
Oneida Valley
10 Q................350
Oneonta 14 S.11,582
Onondaga........6,904
Oneville 16 D.....350
Ontario 10 K....2,620
Ontario Beach
9 I..............2,672
Openheim.........1,182
Oramel 14 G.....123
Orangetown.....14,294
Orchard Park
12 E................500
Oriskany 10 R.1,101
Oriskany Falls
11 Q................1,014
Orleans...........1,869
Orwell 8 P..........890
Osceola 8 Q........431
Ossian 13 H.......596
Ossining 2 F..10,739
Oswegatchie
5 S...............2,156
Oswego 8 M.23,626
Oswego Center
9 M.................1,662
Owego 16 N....4,147
Otego 14 S.........540
Otisco...............914
Otisville 1 C.......500
Otselic 12 Q.......966
Otto 14 D...........773
Ovasco.............1,458
Cross Bayou
Oxford 14 Q..1,590
Ovid 13 L..........428
Oyster Bay
4 H...............20,296
Ozone Park.....9,000
Painted Post
15 K..............2,170
Palatine Bridge
11 U..................442
Palenville 15 W.558
Palermo 9 N....1,046
Palmyra
10 K...............2,480
Panama 16 B....298
Paris.................3,004
Parish 9 O........476
Parishville 2 T.1,453
Parma 10 H.....2,923
Patchogue 5 T.4,031
Patterson 18 Y.1,231
Pavilion 11 H...1,237
Pawling 18 F.1,032
Pearl River
3 E.................1,200
Peekskill 2 F.15,868
Peconic 3 M......477
Pelham 3 G.....1,056
Pelham Manor
3 G.................1,754
Pembroke 11 F.2,202
Penfield..........2,087
Penn Yan 13 K.4,517
Pendletown......1,173
Penintown.........1,799
Perry 12 H.......4,717
Perrysburg 13 C.271
Persia 14 D......2,194
Perth 11 V..........463
Peru 2 Y..........2,000
